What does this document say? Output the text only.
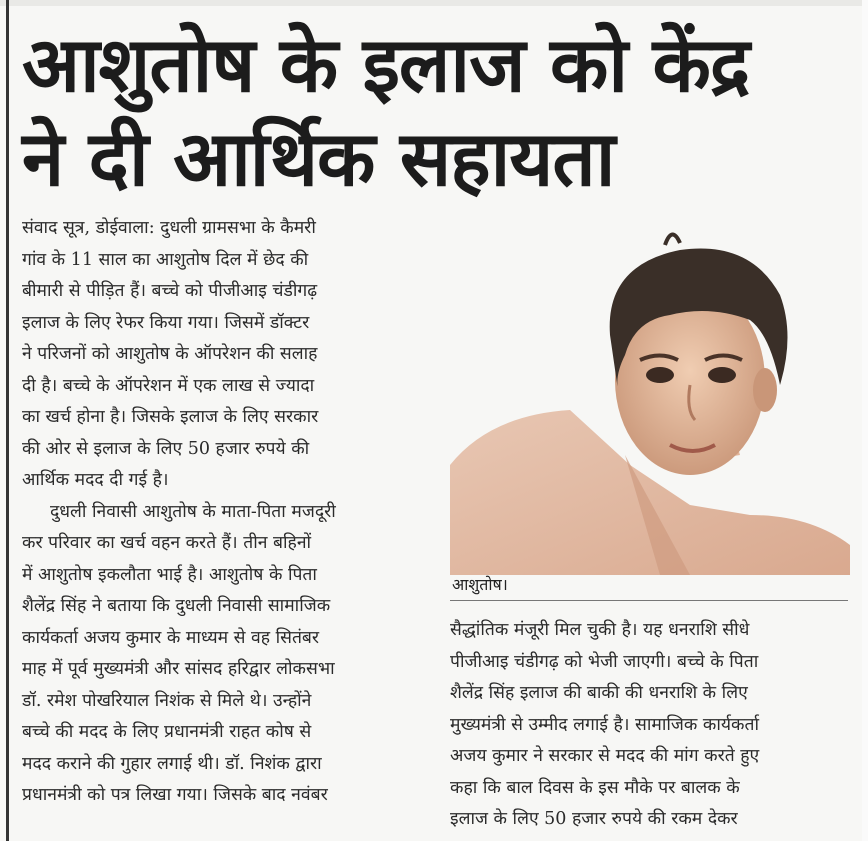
आशुतोष के इलाज को केंद्र
ने दी आर्थिक सहायता
संवाद सूत्र, डोईवाला: दुधली ग्रामसभा के कैमरी
गांव के 11 साल का आशुतोष दिल में छेद की
बीमारी से पीड़ित हैं। बच्चे को पीजीआइ चंडीगढ़
इलाज के लिए रेफर किया गया। जिसमें डॉक्टर
ने परिजनों को आशुतोष के ऑपरेशन की सलाह
दी है। बच्चे के ऑपरेशन में एक लाख से ज्यादा
का खर्च होना है। जिसके इलाज के लिए सरकार
की ओर से इलाज के लिए 50 हजार रुपये की
आर्थिक मदद दी गई है।
दुधली निवासी आशुतोष के माता-पिता मजदूरी
कर परिवार का खर्च वहन करते हैं। तीन बहिनों
में आशुतोष इकलौता भाई है। आशुतोष के पिता
शैलेंद्र सिंह ने बताया कि दुधली निवासी सामाजिक
कार्यकर्ता अजय कुमार के माध्यम से वह सितंबर
माह में पूर्व मुख्यमंत्री और सांसद हरिद्वार लोकसभा
डॉ. रमेश पोखरियाल निशंक से मिले थे। उन्होंने
बच्चे की मदद के लिए प्रधानमंत्री राहत कोष से
मदद कराने की गुहार लगाई थी। डॉ. निशंक द्वारा
प्रधानमंत्री को पत्र लिखा गया। जिसके बाद नवंबर
आशुतोष।
सैद्धांतिक मंजूरी मिल चुकी है। यह धनराशि सीधे
पीजीआइ चंडीगढ़ को भेजी जाएगी। बच्चे के पिता
शैलेंद्र सिंह इलाज की बाकी की धनराशि के लिए
मुख्यमंत्री से उम्मीद लगाई है। सामाजिक कार्यकर्ता
अजय कुमार ने सरकार से मदद की मांग करते हुए
कहा कि बाल दिवस के इस मौके पर बालक के
इलाज के लिए 50 हजार रुपये की रकम देकर
